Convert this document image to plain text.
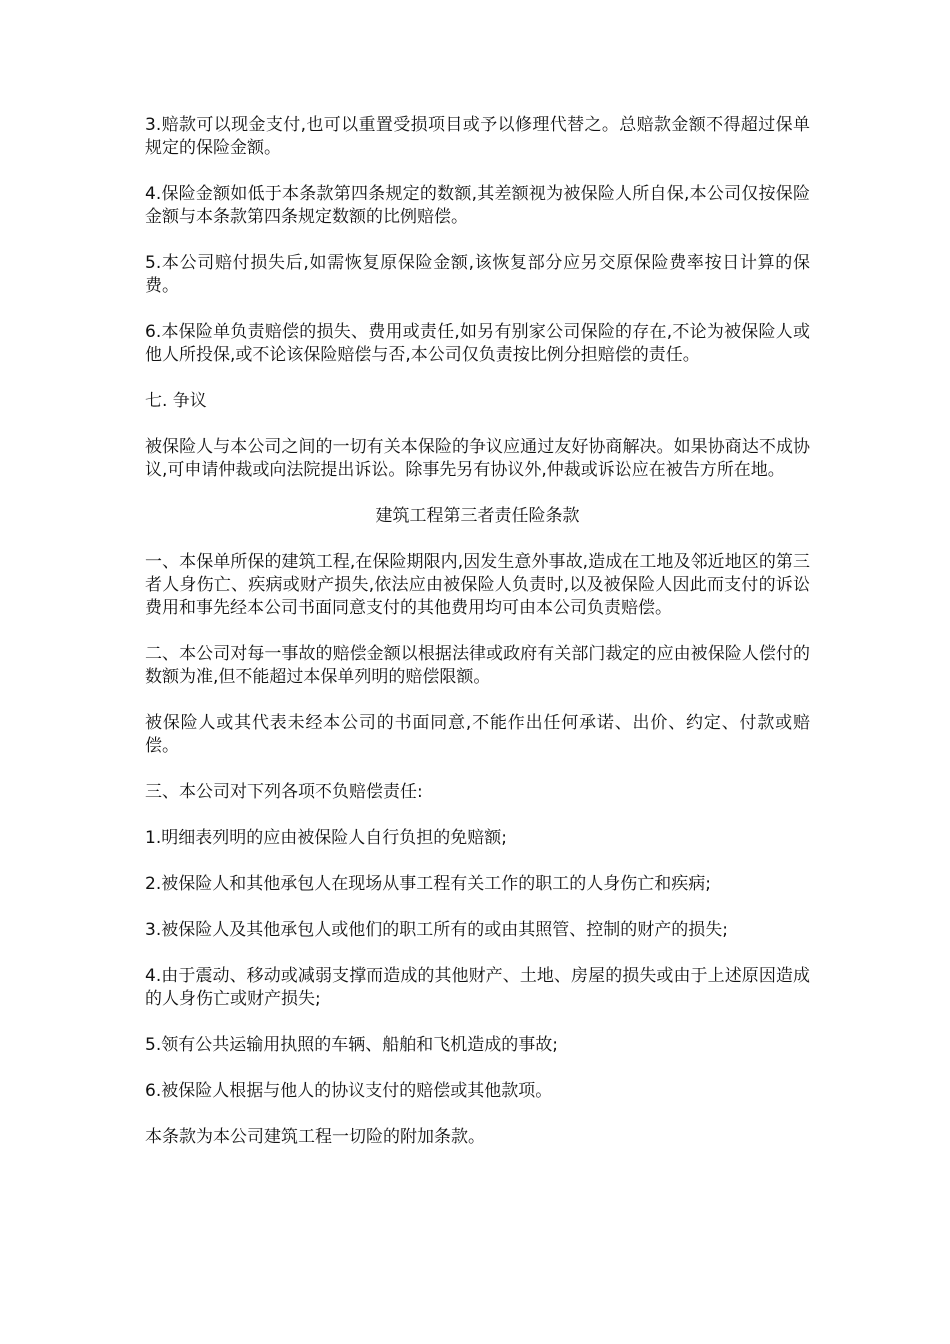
3.赔款可以现金支付,也可以重置受损项目或予以修理代替之。总赔款金额不得超过保单规定的保险金额。

4.保险金额如低于本条款第四条规定的数额,其差额视为被保险人所自保,本公司仅按保险金额与本条款第四条规定数额的比例赔偿。

5.本公司赔付损失后,如需恢复原保险金额,该恢复部分应另交原保险费率按日计算的保费。

6.本保险单负责赔偿的损失、费用或责任,如另有别家公司保险的存在,不论为被保险人或他人所投保,或不论该保险赔偿与否,本公司仅负责按比例分担赔偿的责任。

七. 争议

被保险人与本公司之间的一切有关本保险的争议应通过友好协商解决。如果协商达不成协议,可申请仲裁或向法院提出诉讼。除事先另有协议外,仲裁或诉讼应在被告方所在地。

建筑工程第三者责任险条款

一、本保单所保的建筑工程,在保险期限内,因发生意外事故,造成在工地及邻近地区的第三者人身伤亡、疾病或财产损失,依法应由被保险人负责时,以及被保险人因此而支付的诉讼费用和事先经本公司书面同意支付的其他费用均可由本公司负责赔偿。

二、本公司对每一事故的赔偿金额以根据法律或政府有关部门裁定的应由被保险人偿付的数额为准,但不能超过本保单列明的赔偿限额。

被保险人或其代表未经本公司的书面同意,不能作出任何承诺、出价、约定、付款或赔偿。

三、本公司对下列各项不负赔偿责任:

1.明细表列明的应由被保险人自行负担的免赔额;

2.被保险人和其他承包人在现场从事工程有关工作的职工的人身伤亡和疾病;

3.被保险人及其他承包人或他们的职工所有的或由其照管、控制的财产的损失;

4.由于震动、移动或减弱支撑而造成的其他财产、土地、房屋的损失或由于上述原因造成的人身伤亡或财产损失;

5.领有公共运输用执照的车辆、船舶和飞机造成的事故;

6.被保险人根据与他人的协议支付的赔偿或其他款项。

本条款为本公司建筑工程一切险的附加条款。
